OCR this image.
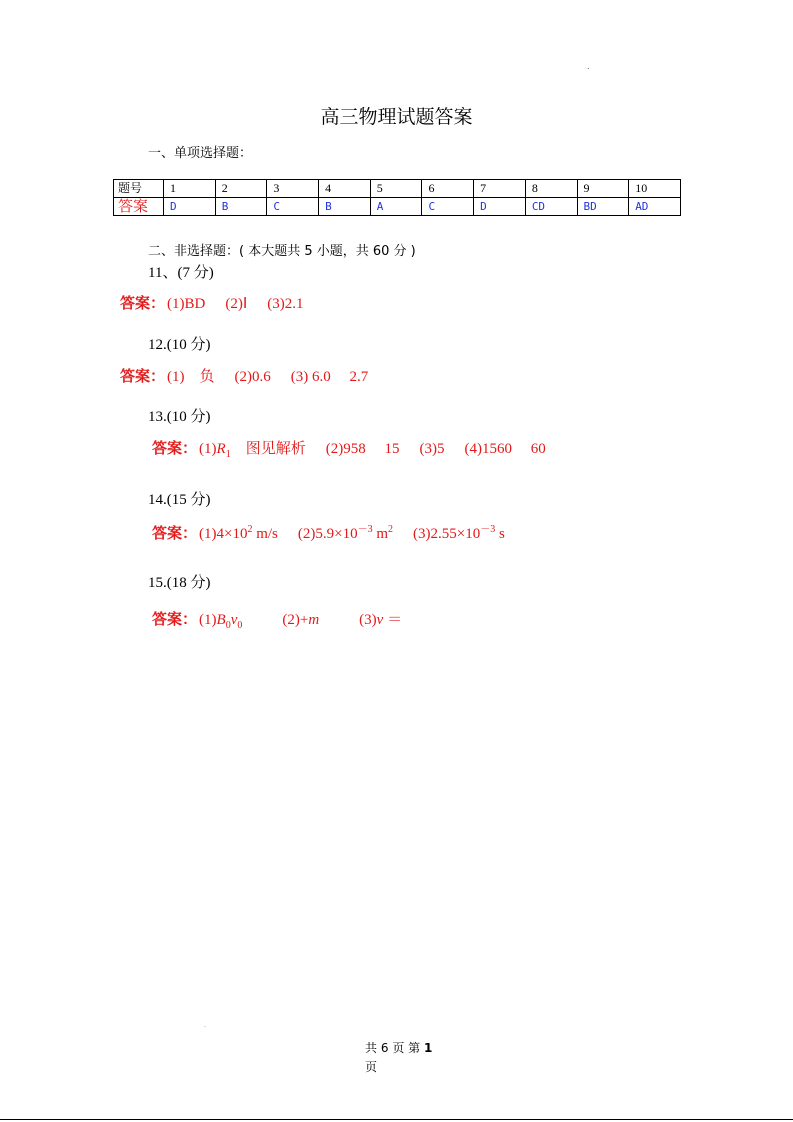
.
高三物理试题答案
一、单项选择题：
题号	1	2	3	4	5	6	7	8	9	10
答案	D	B	C	B	A	C	D	CD	BD	AD
二、非选择题：( 本大题共 5 小题，共 60 分 )
11、(7 分)
答案： (1)BD (2)Ⅰ (3)2.1
12.(10 分)
答案： (1)　负 (2)0.6 (3) 6.0　 2.7
13.(10 分)
答案： $(1)R_1$　图见解析 (2)958　 15 (3)5 (4)1560　 60
14.(15 分)
答案： $(1)4\times 10^2$ m/s $(2)5.9\times 10^{-3}$ $m^2$ $(3)2.55\times 10^{-3}$ s
15.(18 分)
答案： $(1)B_0v_0$	(2)+m	(3)v ＝
.
共 6 页 第 1
页
